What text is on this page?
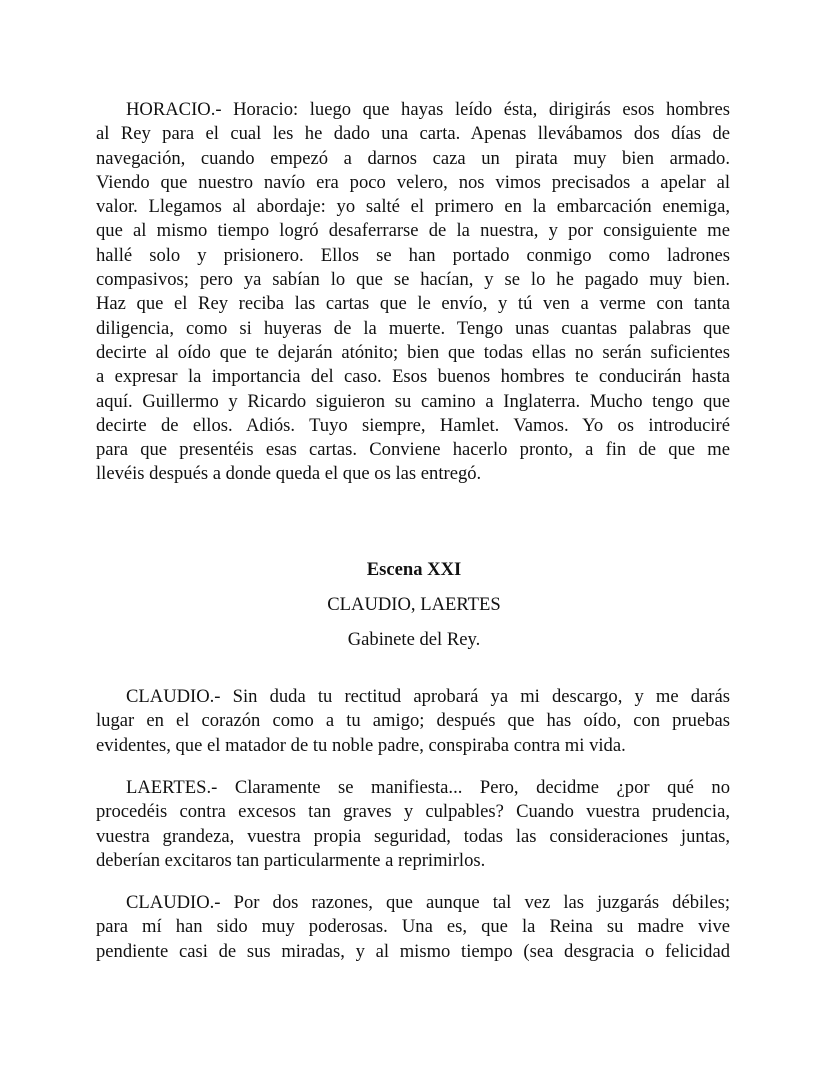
HORACIO.- Horacio: luego que hayas leído ésta, dirigirás esos hombres
al Rey para el cual les he dado una carta. Apenas llevábamos dos días de
navegación, cuando empezó a darnos caza un pirata muy bien armado.
Viendo que nuestro navío era poco velero, nos vimos precisados a apelar al
valor. Llegamos al abordaje: yo salté el primero en la embarcación enemiga,
que al mismo tiempo logró desaferrarse de la nuestra, y por consiguiente me
hallé solo y prisionero. Ellos se han portado conmigo como ladrones
compasivos; pero ya sabían lo que se hacían, y se lo he pagado muy bien.
Haz que el Rey reciba las cartas que le envío, y tú ven a verme con tanta
diligencia, como si huyeras de la muerte. Tengo unas cuantas palabras que
decirte al oído que te dejarán atónito; bien que todas ellas no serán suficientes
a expresar la importancia del caso. Esos buenos hombres te conducirán hasta
aquí. Guillermo y Ricardo siguieron su camino a Inglaterra. Mucho tengo que
decirte de ellos. Adiós. Tuyo siempre, Hamlet. Vamos. Yo os introduciré
para que presentéis esas cartas. Conviene hacerlo pronto, a fin de que me
llevéis después a donde queda el que os las entregó.
Escena XXI
CLAUDIO, LAERTES
Gabinete del Rey.
CLAUDIO.- Sin duda tu rectitud aprobará ya mi descargo, y me darás
lugar en el corazón como a tu amigo; después que has oído, con pruebas
evidentes, que el matador de tu noble padre, conspiraba contra mi vida.
LAERTES.- Claramente se manifiesta... Pero, decidme ¿por qué no
procedéis contra excesos tan graves y culpables? Cuando vuestra prudencia,
vuestra grandeza, vuestra propia seguridad, todas las consideraciones juntas,
deberían excitaros tan particularmente a reprimirlos.
CLAUDIO.- Por dos razones, que aunque tal vez las juzgarás débiles;
para mí han sido muy poderosas. Una es, que la Reina su madre vive
pendiente casi de sus miradas, y al mismo tiempo (sea desgracia o felicidad
